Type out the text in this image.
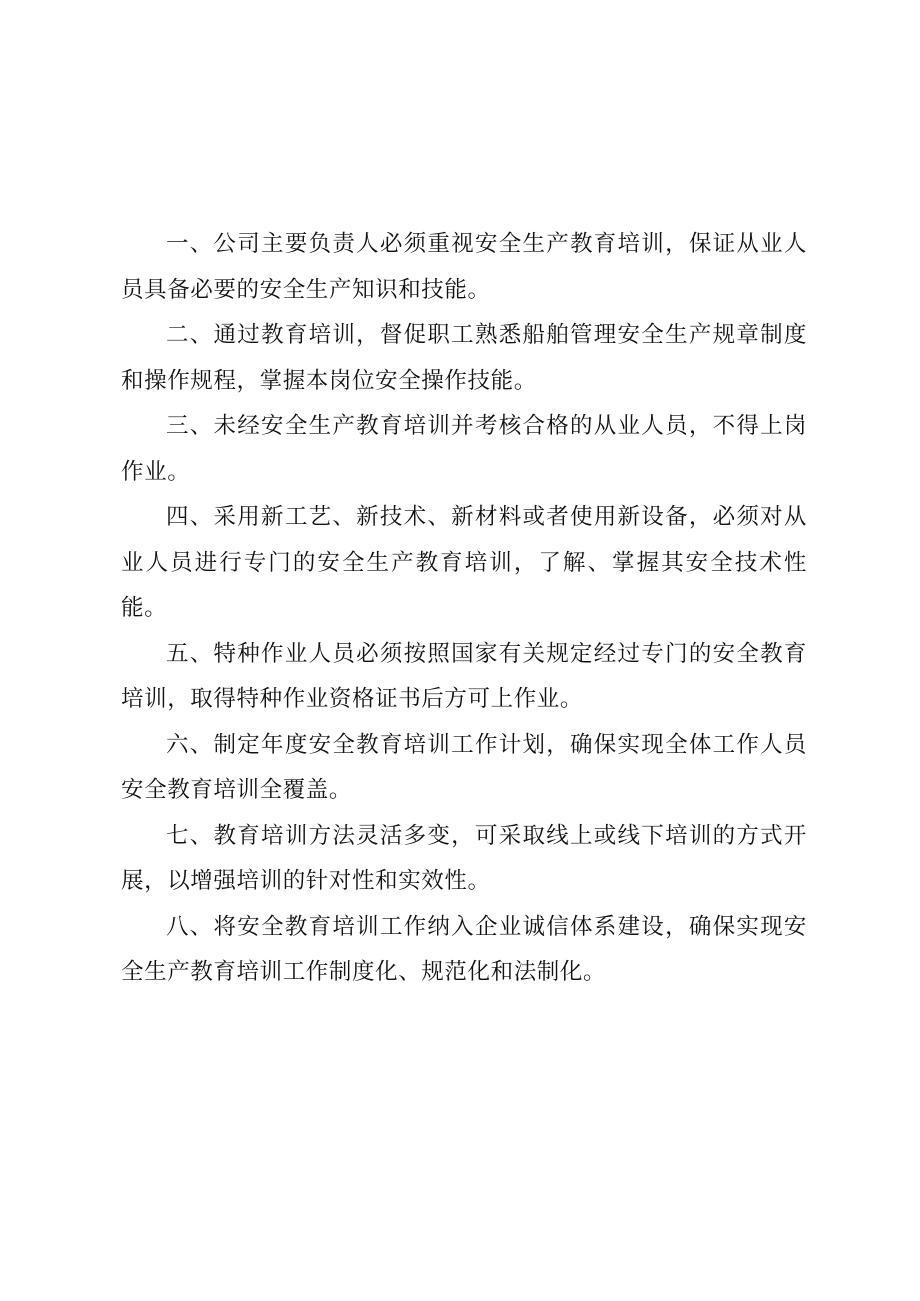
一、公司主要负责人必须重视安全生产教育培训，保证从业人员具备必要的安全生产知识和技能。

二、通过教育培训，督促职工熟悉船舶管理安全生产规章制度和操作规程，掌握本岗位安全操作技能。

三、未经安全生产教育培训并考核合格的从业人员，不得上岗作业。

四、采用新工艺、新技术、新材料或者使用新设备，必须对从业人员进行专门的安全生产教育培训，了解、掌握其安全技术性能。

五、特种作业人员必须按照国家有关规定经过专门的安全教育培训，取得特种作业资格证书后方可上作业。

六、制定年度安全教育培训工作计划，确保实现全体工作人员安全教育培训全覆盖。

七、教育培训方法灵活多变，可采取线上或线下培训的方式开展，以增强培训的针对性和实效性。

八、将安全教育培训工作纳入企业诚信体系建设，确保实现安全生产教育培训工作制度化、规范化和法制化。
